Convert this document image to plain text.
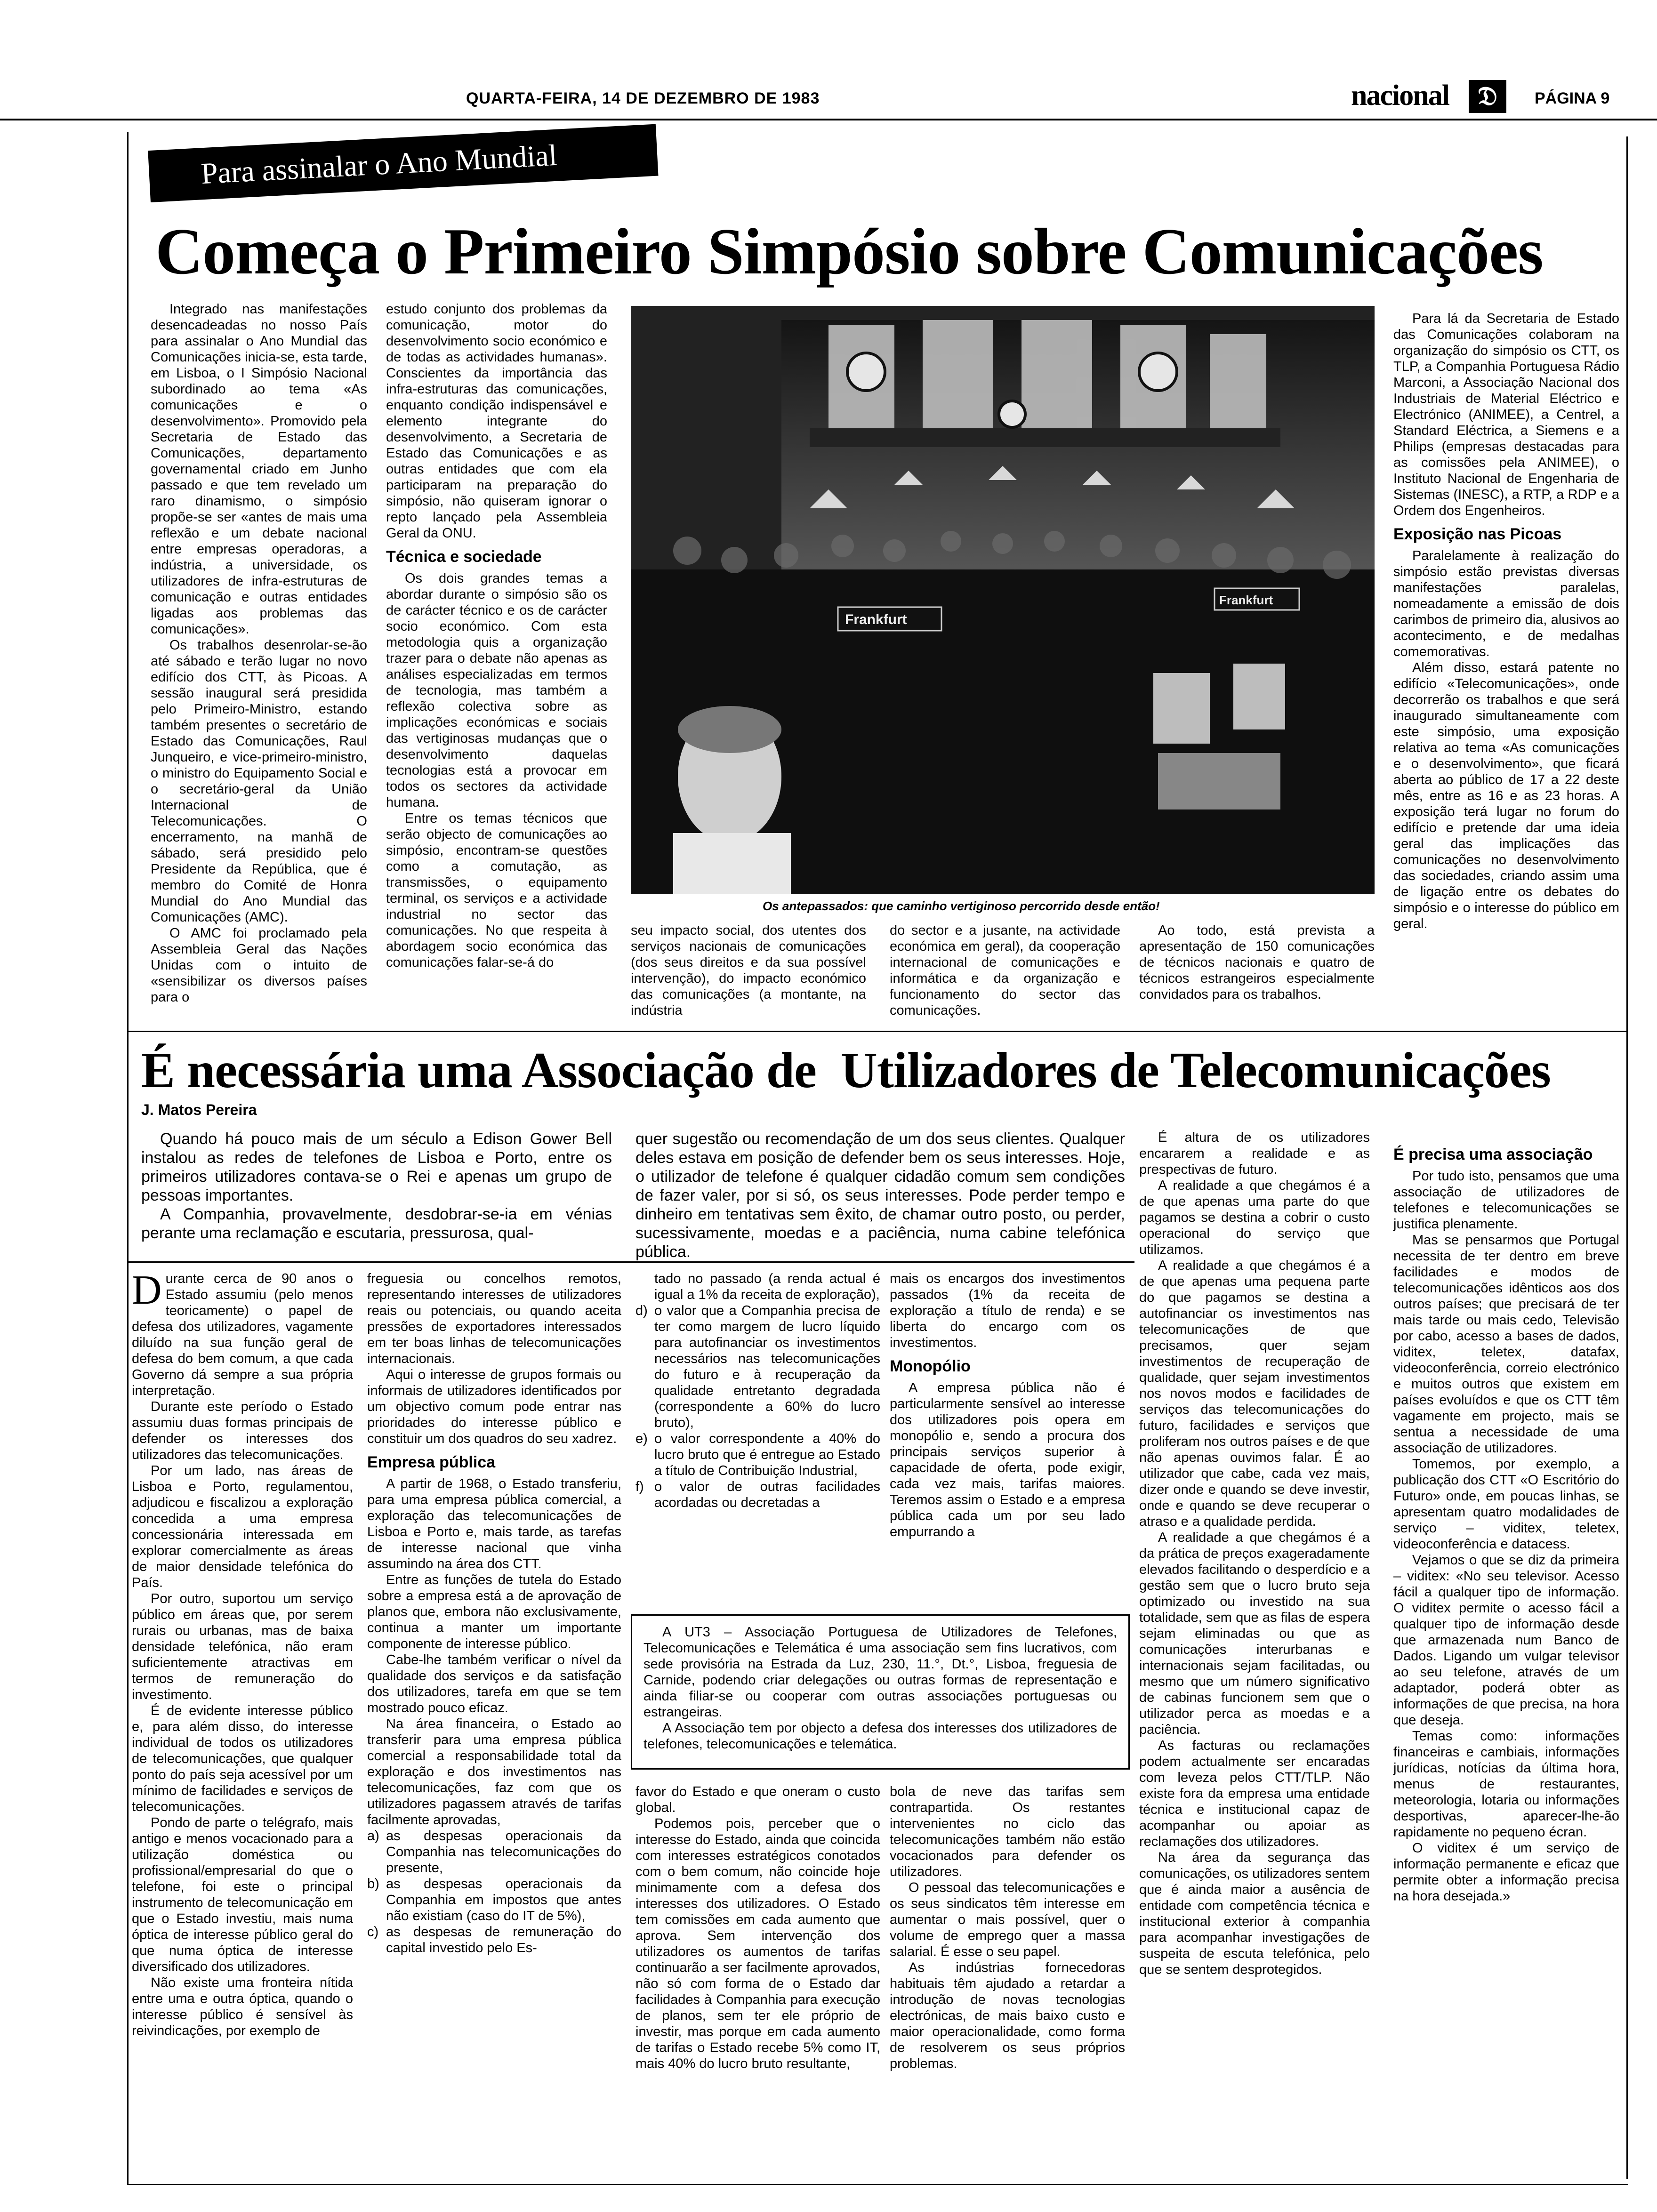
QUARTA-FEIRA, 14 DE DEZEMBRO DE 1983	nacional	𝔇	PÁGINA 9
Para assinalar o Ano Mundial
Começa o Primeiro Simpósio sobre Comunicações

Integrado nas manifestações desencadeadas no nosso País para assinalar o Ano Mundial das Comunicações inicia-se, esta tarde, em Lisboa, o I Simpósio Nacional subordinado ao tema «As comunicações e o desenvolvimento». Promovido pela Secretaria de Estado das Comunicações, departamento governamental criado em Junho passado e que tem revelado um raro dinamismo, o simpósio propõe-se ser «antes de mais uma reflexão e um debate nacional entre empresas operadoras, a indústria, a universidade, os utilizadores de infra-estruturas de comunicação e outras entidades ligadas aos problemas das comunicações».

Os trabalhos desenrolar-se-ão até sábado e terão lugar no novo edifício dos CTT, às Picoas. A sessão inaugural será presidida pelo Primeiro-Ministro, estando também presentes o secretário de Estado das Comunicações, Raul Junqueiro, e vice-primeiro-ministro, o ministro do Equipamento Social e o secretário-geral da União Internacional de Telecomunicações. O encerramento, na manhã de sábado, será presidido pelo Presidente da República, que é membro do Comité de Honra Mundial do Ano Mundial das Comunicações (AMC).

O AMC foi proclamado pela Assembleia Geral das Nações Unidas com o intuito de «sensibilizar os diversos países para o

estudo conjunto dos problemas da comunicação, motor do desenvolvimento socio económico e de todas as actividades humanas». Conscientes da importância das infra-estruturas das comunicações, enquanto condição indispensável e elemento integrante do desenvolvimento, a Secretaria de Estado das Comunicações e as outras entidades que com ela participaram na preparação do simpósio, não quiseram ignorar o repto lançado pela Assembleia Geral da ONU.

Técnica e sociedade

Os dois grandes temas a abordar durante o simpósio são os de carácter técnico e os de carácter socio económico. Com esta metodologia quis a organização trazer para o debate não apenas as análises especializadas em termos de tecnologia, mas também a reflexão colectiva sobre as implicações económicas e sociais das vertiginosas mudanças que o desenvolvimento daquelas tecnologias está a provocar em todos os sectores da actividade humana.

Entre os temas técnicos que serão objecto de comunicações ao simpósio, encontram-se questões como a comutação, as transmissões, o equipamento terminal, os serviços e a actividade industrial no sector das comunicações. No que respeita à abordagem socio económica das comunicações falar-se-á do

Frankfurt
Frankfurt
Os antepassados: que caminho vertiginoso percorrido desde então!

seu impacto social, dos utentes dos serviços nacionais de comunicações (dos seus direitos e da sua possível intervenção), do impacto económico das comunicações (a montante, na indústria

do sector e a jusante, na actividade económica em geral), da cooperação internacional de comunicações e informática e da organização e funcionamento do sector das comunicações.

Ao todo, está prevista a apresentação de 150 comunicações de técnicos nacionais e quatro de técnicos estrangeiros especialmente convidados para os trabalhos.

Para lá da Secretaria de Estado das Comunicações colaboram na organização do simpósio os CTT, os TLP, a Companhia Portuguesa Rádio Marconi, a Associação Nacional dos Industriais de Material Eléctrico e Electrónico (ANIMEE), a Centrel, a Standard Eléctrica, a Siemens e a Philips (empresas destacadas para as comissões pela ANIMEE), o Instituto Nacional de Engenharia de Sistemas (INESC), a RTP, a RDP e a Ordem dos Engenheiros.

Exposição nas Picoas

Paralelamente à realização do simpósio estão previstas diversas manifestações paralelas, nomeadamente a emissão de dois carimbos de primeiro dia, alusivos ao acontecimento, e de medalhas comemorativas.

Além disso, estará patente no edifício «Telecomunicações», onde decorrerão os trabalhos e que será inaugurado simultaneamente com este simpósio, uma exposição relativa ao tema «As comunicações e o desenvolvimento», que ficará aberta ao público de 17 a 22 deste mês, entre as 16 e as 23 horas. A exposição terá lugar no forum do edifício e pretende dar uma ideia geral das implicações das comunicações no desenvolvimento das sociedades, criando assim uma de ligação entre os debates do simpósio e o interesse do público em geral.

É necessária uma Associação de  Utilizadores de Telecomunicações
J. Matos Pereira

Quando há pouco mais de um século a Edison Gower Bell instalou as redes de telefones de Lisboa e Porto, entre os primeiros utilizadores contava-se o Rei e apenas um grupo de pessoas importantes.

A Companhia, provavelmente, desdobrar-se-ia em vénias perante uma reclamação e escutaria, pressurosa, qual-

quer sugestão ou recomendação de um dos seus clientes. Qualquer deles estava em posição de defender bem os seus interesses. Hoje, o utilizador de telefone é qualquer cidadão comum sem condições de fazer valer, por si só, os seus interesses. Pode perder tempo e dinheiro em tentativas sem êxito, de chamar outro posto, ou perder, sucessivamente, moedas e a paciência, numa cabine telefónica pública.

Durante cerca de 90 anos o Estado assumiu (pelo menos teoricamente) o papel de defesa dos utilizadores, vagamente diluído na sua função geral de defesa do bem comum, a que cada Governo dá sempre a sua própria interpretação.

Durante este período o Estado assumiu duas formas principais de defender os interesses dos utilizadores das telecomunicações.

Por um lado, nas áreas de Lisboa e Porto, regulamentou, adjudicou e fiscalizou a exploração concedida a uma empresa concessionária interessada em explorar comercialmente as áreas de maior densidade telefónica do País.

Por outro, suportou um serviço público em áreas que, por serem rurais ou urbanas, mas de baixa densidade telefónica, não eram suficientemente atractivas em termos de remuneração do investimento.

É de evidente interesse público e, para além disso, do interesse individual de todos os utilizadores de telecomunicações, que qualquer ponto do país seja acessível por um mínimo de facilidades e serviços de telecomunicações.

Pondo de parte o telégrafo, mais antigo e menos vocacionado para a utilização doméstica ou profissional/empresarial do que o telefone, foi este o principal instrumento de telecomunicação em que o Estado investiu, mais numa óptica de interesse público geral do que numa óptica de interesse diversificado dos utilizadores.

Não existe uma fronteira nítida entre uma e outra óptica, quando o interesse público é sensível às reivindicações, por exemplo de

freguesia ou concelhos remotos, representando interesses de utilizadores reais ou potenciais, ou quando aceita pressões de exportadores interessados em ter boas linhas de telecomunicações internacionais.

Aqui o interesse de grupos formais ou informais de utilizadores identificados por um objectivo comum pode entrar nas prioridades do interesse público e constituir um dos quadros do seu xadrez.

Empresa pública

A partir de 1968, o Estado transferiu, para uma empresa pública comercial, a exploração das telecomunicações de Lisboa e Porto e, mais tarde, as tarefas de interesse nacional que vinha assumindo na área dos CTT.

Entre as funções de tutela do Estado sobre a empresa está a de aprovação de planos que, embora não exclusivamente, continua a manter um importante componente de interesse público.

Cabe-lhe também verificar o nível da qualidade dos serviços e da satisfação dos utilizadores, tarefa em que se tem mostrado pouco eficaz.

Na área financeira, o Estado ao transferir para uma empresa pública comercial a responsabilidade total da exploração e dos investimentos nas telecomunicações, faz com que os utilizadores pagassem através de tarifas facilmente aprovadas,

a) as despesas operacionais da Companhia nas telecomunicações do presente,

b) as despesas operacionais da Companhia em impostos que antes não existiam (caso do IT de 5%),

c) as despesas de remuneração do capital investido pelo Es-

tado no passado (a renda actual é igual a 1% da receita de exploração),

d) o valor que a Companhia precisa de ter como margem de lucro líquido para autofinanciar os investimentos necessários nas telecomunicações do futuro e à recuperação da qualidade entretanto degradada (correspondente a 60% do lucro bruto),

e) o valor correspondente a 40% do lucro bruto que é entregue ao Estado a título de Contribuição Industrial,

f) o valor de outras facilidades acordadas ou decretadas a

mais os encargos dos investimentos passados (1% da receita de exploração a título de renda) e se liberta do encargo com os investimentos.

Monopólio

A empresa pública não é particularmente sensível ao interesse dos utilizadores pois opera em monopólio e, sendo a procura dos principais serviços superior à capacidade de oferta, pode exigir, cada vez mais, tarifas maiores. Teremos assim o Estado e a empresa pública cada um por seu lado empurrando a

A UT3 – Associação Portuguesa de Utilizadores de Telefones, Telecomunicações e Telemática é uma associação sem fins lucrativos, com sede provisória na Estrada da Luz, 230, 11.°, Dt.°, Lisboa, freguesia de Carnide, podendo criar delegações ou outras formas de representação e ainda filiar-se ou cooperar com outras associações portuguesas ou estrangeiras.

A Associação tem por objecto a defesa dos interesses dos utilizadores de telefones, telecomunicações e telemática.

favor do Estado e que oneram o custo global.

Podemos pois, perceber que o interesse do Estado, ainda que coincida com interesses estratégicos conotados com o bem comum, não coincide hoje minimamente com a defesa dos interesses dos utilizadores. O Estado tem comissões em cada aumento que aprova. Sem intervenção dos utilizadores os aumentos de tarifas continuarão a ser facilmente aprovados, não só com forma de o Estado dar facilidades à Companhia para execução de planos, sem ter ele próprio de investir, mas porque em cada aumento de tarifas o Estado recebe 5% como IT, mais 40% do lucro bruto resultante,

bola de neve das tarifas sem contrapartida. Os restantes intervenientes no ciclo das telecomunicações também não estão vocacionados para defender os utilizadores.

O pessoal das telecomunicações e os seus sindicatos têm interesse em aumentar o mais possível, quer o volume de emprego quer a massa salarial. É esse o seu papel.

As indústrias fornecedoras habituais têm ajudado a retardar a introdução de novas tecnologias electrónicas, de mais baixo custo e maior operacionalidade, como forma de resolverem os seus próprios problemas.

É altura de os utilizadores encararem a realidade e as prespectivas de futuro.

A realidade a que chegámos é a de que apenas uma parte do que pagamos se destina a cobrir o custo operacional do serviço que utilizamos.

A realidade a que chegámos é a de que apenas uma pequena parte do que pagamos se destina a autofinanciar os investimentos nas telecomunicações de que precisamos, quer sejam investimentos de recuperação de qualidade, quer sejam investimentos nos novos modos e facilidades de serviços das telecomunicações do futuro, facilidades e serviços que proliferam nos outros países e de que não apenas ouvimos falar. É ao utilizador que cabe, cada vez mais, dizer onde e quando se deve investir, onde e quando se deve recuperar o atraso e a qualidade perdida.

A realidade a que chegámos é a da prática de preços exageradamente elevados facilitando o desperdício e a gestão sem que o lucro bruto seja optimizado ou investido na sua totalidade, sem que as filas de espera sejam eliminadas ou que as comunicações interurbanas e internacionais sejam facilitadas, ou mesmo que um número significativo de cabinas funcionem sem que o utilizador perca as moedas e a paciência.

As facturas ou reclamações podem actualmente ser encaradas com leveza pelos CTT/TLP. Não existe fora da empresa uma entidade técnica e institucional capaz de acompanhar ou apoiar as reclamações dos utilizadores.

Na área da segurança das comunicações, os utilizadores sentem que é ainda maior a ausência de entidade com competência técnica e institucional exterior à companhia para acompanhar investigações de suspeita de escuta telefónica, pelo que se sentem desprotegidos.

É precisa uma associação

Por tudo isto, pensamos que uma associação de utilizadores de telefones e telecomunicações se justifica plenamente.

Mas se pensarmos que Portugal necessita de ter dentro em breve facilidades e modos de telecomunicações idênticos aos dos outros países; que precisará de ter mais tarde ou mais cedo, Televisão por cabo, acesso a bases de dados, viditex, teletex, datafax, videoconferência, correio electrónico e muitos outros que existem em países evoluídos e que os CTT têm vagamente em projecto, mais se sentua a necessidade de uma associação de utilizadores.

Tomemos, por exemplo, a publicação dos CTT «O Escritório do Futuro» onde, em poucas linhas, se apresentam quatro modalidades de serviço – viditex, teletex, videoconferência e datacess.

Vejamos o que se diz da primeira – viditex: «No seu televisor. Acesso fácil a qualquer tipo de informação. O viditex permite o acesso fácil a qualquer tipo de informação desde que armazenada num Banco de Dados. Ligando um vulgar televisor ao seu telefone, através de um adaptador, poderá obter as informações de que precisa, na hora que deseja.

Temas como: informações financeiras e cambiais, informações jurídicas, notícias da última hora, menus de restaurantes, meteorologia, lotaria ou informações desportivas, aparecer-lhe-ão rapidamente no pequeno écran.

O viditex é um serviço de informação permanente e eficaz que permite obter a informação precisa na hora desejada.»
